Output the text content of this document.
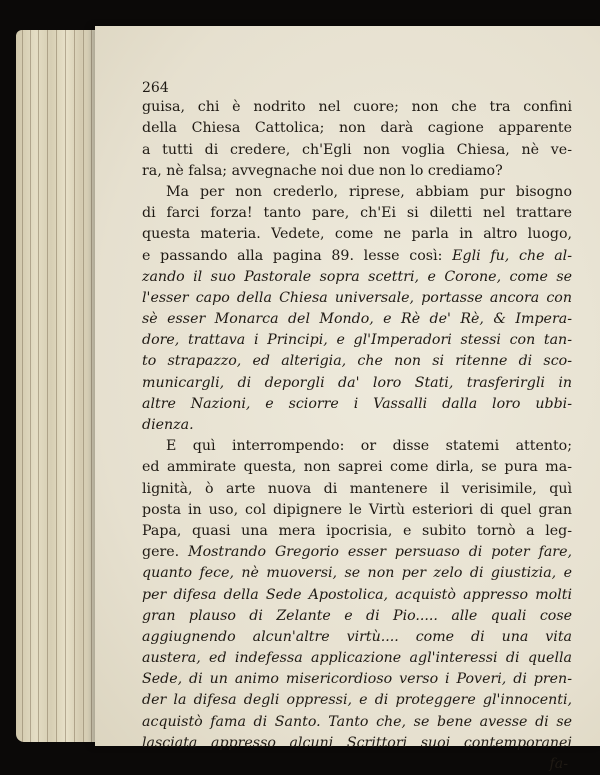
264
guisa, chi è nodrito nel cuore; non che tra confini
della Chiesa Cattolica; non darà cagione apparente
a tutti di credere, ch'Egli non voglia Chiesa, nè ve-
ra, nè falsa; avvegnache noi due non lo crediamo?
Ma per non crederlo, riprese, abbiam pur bisogno
di farci forza! tanto pare, ch'Ei si diletti nel trattare
questa materia. Vedete, come ne parla in altro luogo,
e passando alla pagina 89. lesse così: Egli fu, che al-
zando il suo Pastorale sopra scettri, e Corone, come se
l'esser capo della Chiesa universale, portasse ancora con
sè esser Monarca del Mondo, e Rè de' Rè, & Impera-
dore, trattava i Principi, e gl'Imperadori stessi con tan-
to strapazzo, ed alterigia, che non si ritenne di sco-
municargli, di deporgli da' loro Stati, trasferirgli in
altre Nazioni, e sciorre i Vassalli dalla loro ubbi-
dienza.
E quì interrompendo: or disse statemi attento;
ed ammirate questa, non saprei come dirla, se pura ma-
lignità, ò arte nuova di mantenere il verisimile, quì
posta in uso, col dipignere le Virtù esteriori di quel gran
Papa, quasi una mera ipocrisia, e subito tornò a leg-
gere. Mostrando Gregorio esser persuaso di poter fare,
quanto fece, nè muoversi, se non per zelo di giustizia, e
per difesa della Sede Apostolica, acquistò appresso molti
gran plauso di Zelante e di Pio..... alle quali cose
aggiugnendo alcun'altre virtù.... come di una vita
austera, ed indefessa applicazione agl'interessi di quella
Sede, di un animo misericordioso verso i Poveri, di pren-
der la difesa degli oppressi, e di proteggere gl'innocenti,
acquistò fama di Santo. Tanto che, se bene avesse di se
lasciata appresso alcuni Scrittori suoi contemporanei
fa-
